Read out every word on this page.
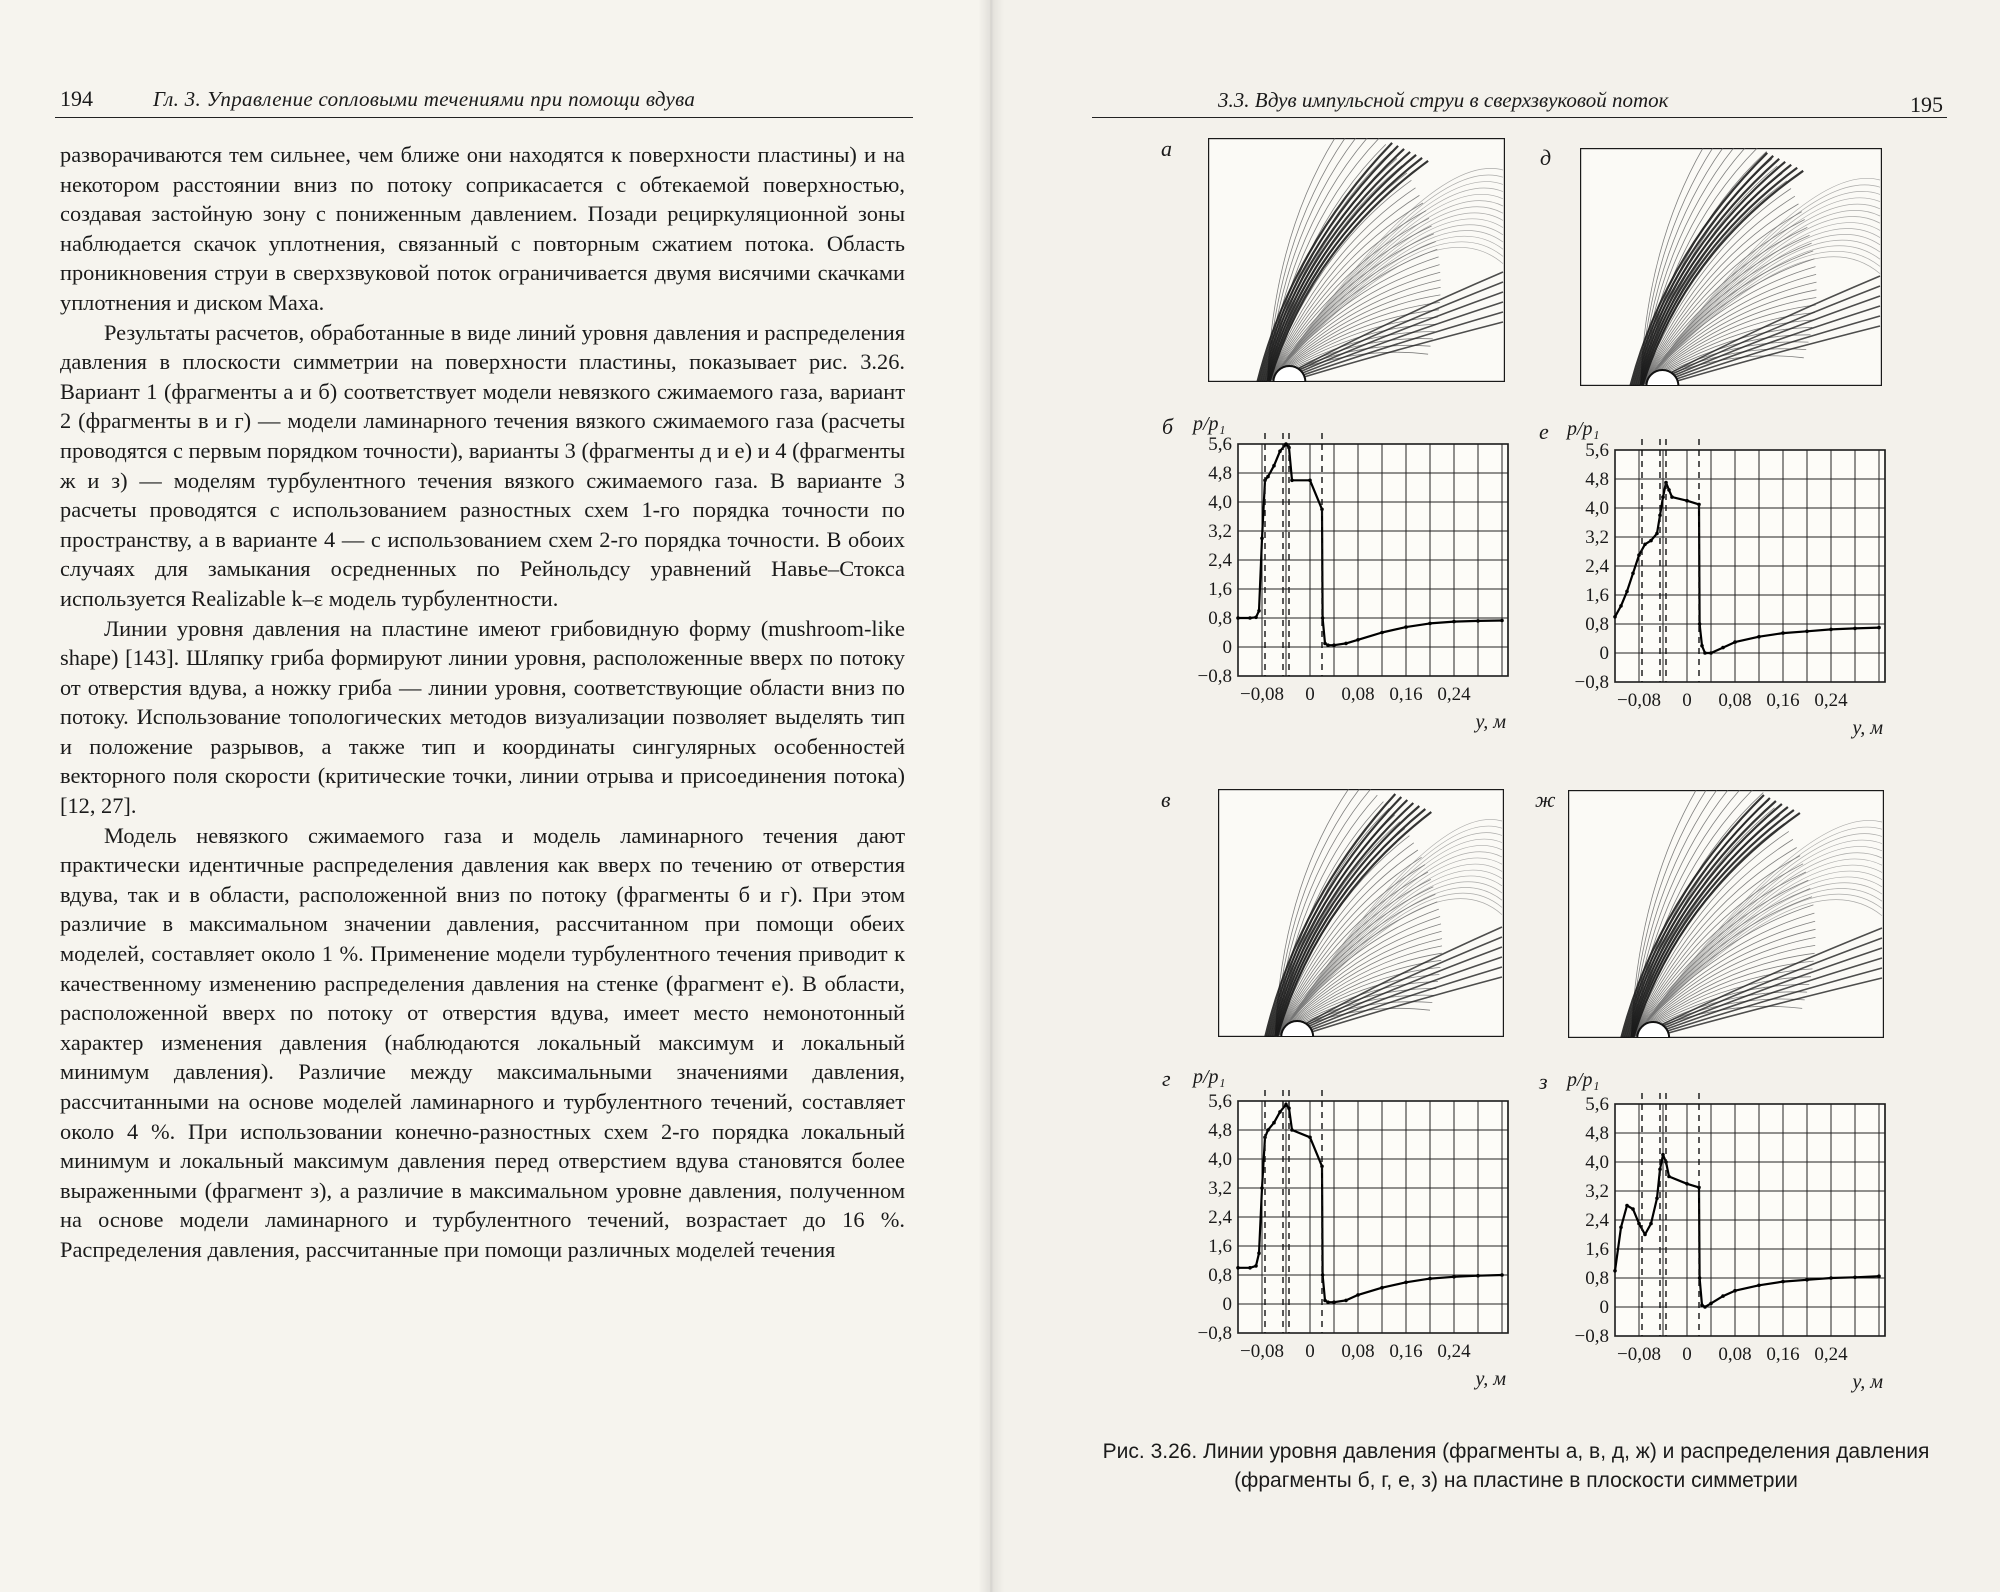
194	Гл. 3. Управление сопловыми течениями при помощи вдува

разворачиваются тем сильнее, чем ближе они находятся к поверхности пластины) и на некотором расстоянии вниз по потоку соприкасается с обтекаемой поверхностью, создавая застойную зону с пониженным давлением. Позади рециркуляционной зоны наблюдается скачок уплотнения, связанный с повторным сжатием потока. Область проникновения струи в сверхзвуковой поток ограничивается двумя висячими скачками уплотнения и диском Маха.

Результаты расчетов, обработанные в виде линий уровня давления и распределения давления в плоскости симметрии на поверхности пластины, показывает рис. 3.26. Вариант 1 (фрагменты а и б) соответствует модели невязкого сжимаемого газа, вариант 2 (фрагменты в и г) — модели ламинарного течения вязкого сжимаемого газа (расчеты проводятся с первым порядком точности), варианты 3 (фрагменты д и е) и 4 (фрагменты ж и з) — моделям турбулентного течения вязкого сжимаемого газа. В варианте 3 расчеты проводятся с использованием разностных схем 1-го порядка точности по пространству, а в варианте 4 — с использованием схем 2-го порядка точности. В обоих случаях для замыкания осредненных по Рейнольдсу уравнений Навье–Стокса используется Realizable k–ε модель турбулентности.

Линии уровня давления на пластине имеют грибовидную форму (mushroom-like shape) [143]. Шляпку гриба формируют линии уровня, расположенные вверх по потоку от отверстия вдува, а ножку гриба — линии уровня, соответствующие области вниз по потоку. Использование топологических методов визуализации позволяет выделять тип и положение разрывов, а также тип и координаты сингулярных особенностей векторного поля скорости (критические точки, линии отрыва и присоединения потока) [12, 27].

Модель невязкого сжимаемого газа и модель ламинарного течения дают практически идентичные распределения давления как вверх по течению от отверстия вдува, так и в области, расположенной вниз по потоку (фрагменты б и г). При этом различие в максимальном значении давления, рассчитанном при помощи обеих моделей, составляет около 1 %. Применение модели турбулентного течения приводит к качественному изменению распределения давления на стенке (фрагмент е). В области, расположенной вверх по потоку от отверстия вдува, имеет место немонотонный характер изменения давления (наблюдаются локальный максимум и локальный минимум давления). Различие между максимальными значениями давления, рассчитанными на основе моделей ламинарного и турбулентного течений, составляет около 4 %. При использовании конечно-разностных схем 2-го порядка локальный минимум и локальный максимум давления перед отверстием вдува становятся более выраженными (фрагмент з), а различие в максимальном уровне давления, полученном на основе модели ламинарного и турбулентного течений, возрастает до 16 %. Распределения давления, рассчитанные при помощи различных моделей течения

3.3. Вдув импульсной струи в сверхзвуковой поток	195
а	д
в	ж
б	е
г	з
p/p₁	p/p₁
p/p₁	p/p₁
5,6
4,8
4,0
3,2
2,4
1,6
0,8
0
−0,8
−0,08 0 0,08 0,16 0,24
y, м
5,6
4,8
4,0
3,2
2,4
1,6
0,8
0
−0,8
−0,08 0 0,08 0,16 0,24
y, м
5,6
4,8
4,0
3,2
2,4
1,6
0,8
0
−0,8
−0,08 0 0,08 0,16 0,24
y, м
5,6
4,8
4,0
3,2
2,4
1,6
0,8
0
−0,8
−0,08 0 0,08 0,16 0,24
y, м
Рис. 3.26. Линии уровня давления (фрагменты а, в, д, ж) и распределения давления (фрагменты б, г, е, з) на пластине в плоскости симметрии
